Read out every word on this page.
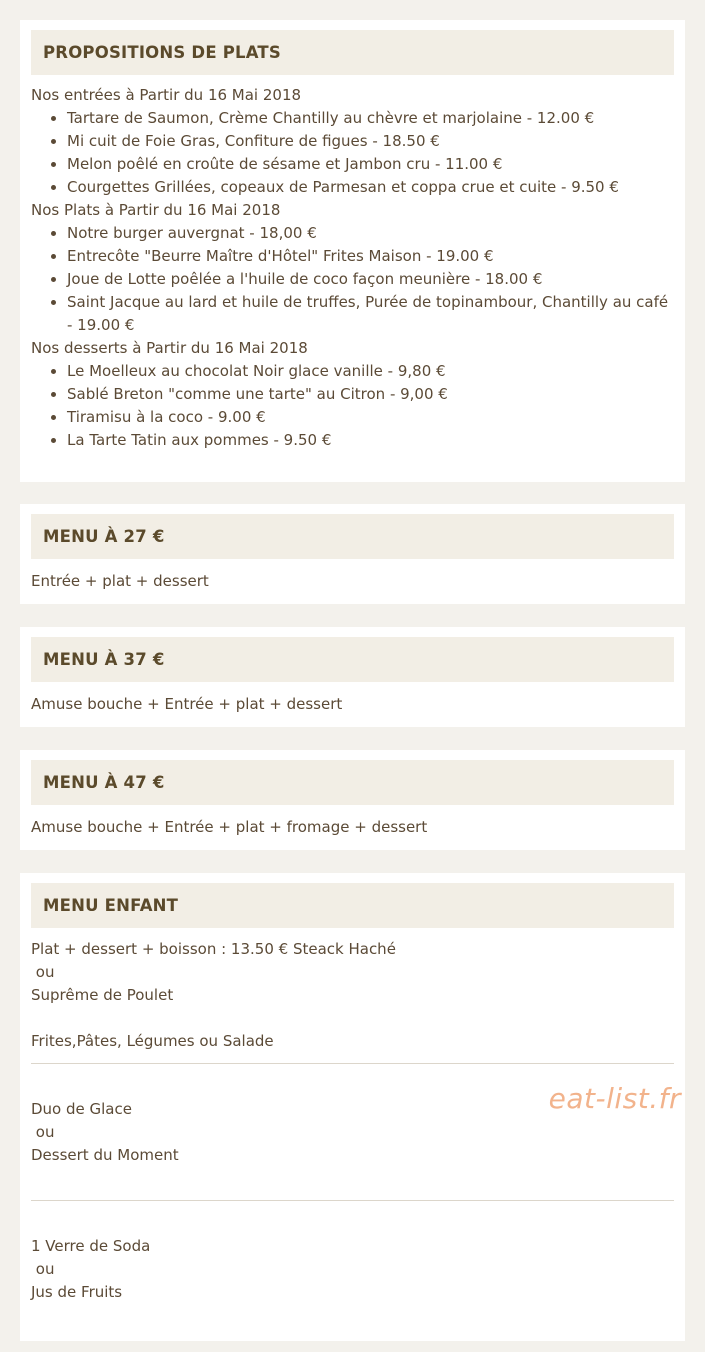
PROPOSITIONS DE PLATS

Nos entrées à Partir du 16 Mai 2018

• Tartare de Saumon, Crème Chantilly au chèvre et marjolaine - 12.00 €
• Mi cuit de Foie Gras, Confiture de figues - 18.50 €
• Melon poêlé en croûte de sésame et Jambon cru - 11.00 €
• Courgettes Grillées, copeaux de Parmesan et coppa crue et cuite - 9.50 €

Nos Plats à Partir du 16 Mai 2018

• Notre burger auvergnat - 18,00 €
• Entrecôte "Beurre Maître d'Hôtel" Frites Maison - 19.00 €
• Joue de Lotte poêlée a l'huile de coco façon meunière - 18.00 €
• Saint Jacque au lard et huile de truffes, Purée de topinambour, Chantilly au café - 19.00 €

Nos desserts à Partir du 16 Mai 2018

• Le Moelleux au chocolat Noir glace vanille - 9,80 €
• Sablé Breton "comme une tarte" au Citron - 9,00 €
• Tiramisu à la coco - 9.00 €
• La Tarte Tatin aux pommes - 9.50 €
MENU À 27 €
Entrée + plat + dessert
MENU À 37 €
Amuse bouche + Entrée + plat + dessert
MENU À 47 €
Amuse bouche + Entrée + plat + fromage + dessert
MENU ENFANT

Plat + dessert + boisson : 13.50 € Steack Haché

ou

Suprême de Poulet

Frites,Pâtes, Légumes ou Salade

Duo de Glace

ou

Dessert du Moment

1 Verre de Soda

ou

Jus de Fruits

eat-list.fr
